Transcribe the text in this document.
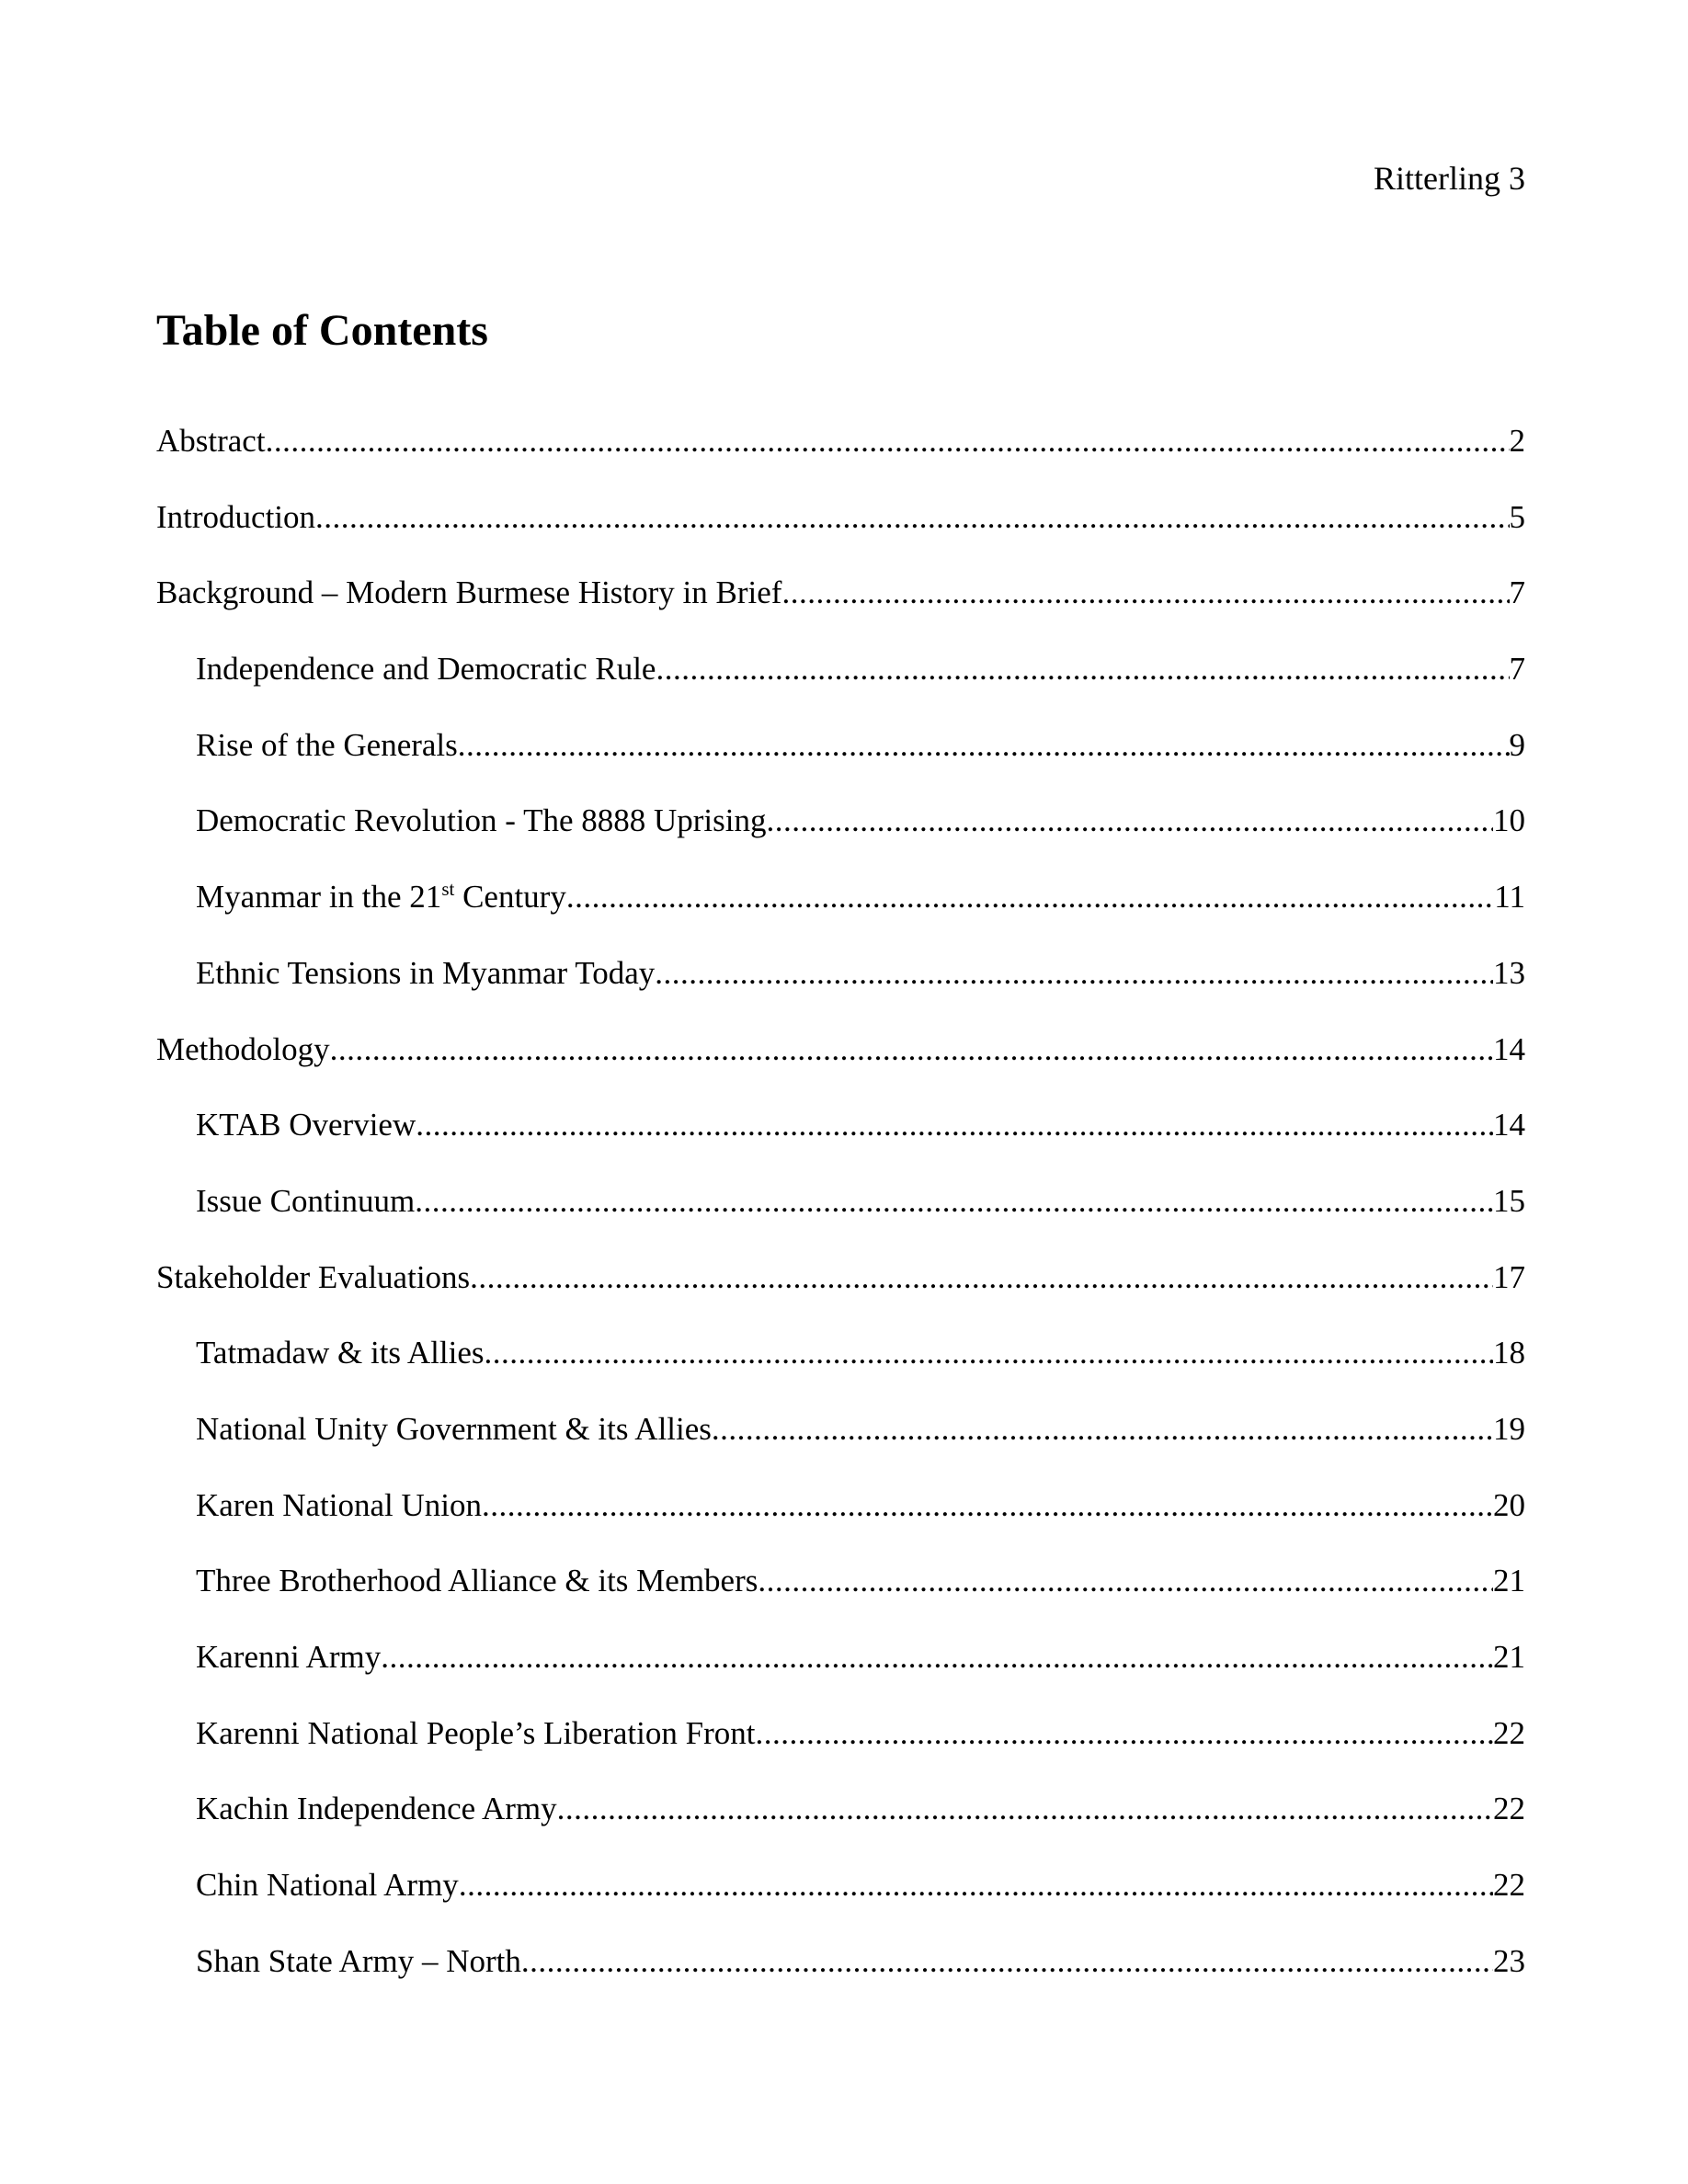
Ritterling 3
Table of Contents
Abstract .....	2
Introduction .....	5
Background – Modern Burmese History in Brief .....	7
Independence and Democratic Rule .....	7
Rise of the Generals .....	9
Democratic Revolution - The 8888 Uprising .....	10
Myanmar in the 21st Century .....	11
Ethnic Tensions in Myanmar Today .....	13
Methodology .....	14
KTAB Overview .....	14
Issue Continuum .....	15
Stakeholder Evaluations .....	17
Tatmadaw & its Allies .....	18
National Unity Government & its Allies .....	19
Karen National Union .....	20
Three Brotherhood Alliance & its Members .....	21
Karenni Army .....	21
Karenni National People’s Liberation Front .....	22
Kachin Independence Army .....	22
Chin National Army .....	22
Shan State Army – North .....	23
